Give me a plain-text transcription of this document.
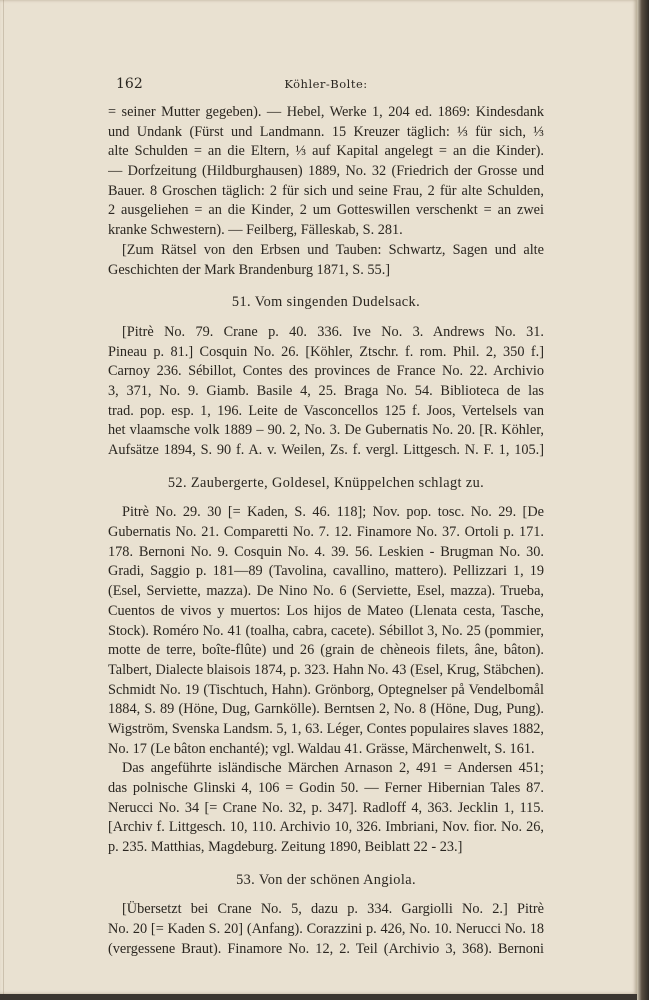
162	Köhler-Bolte:
= seiner Mutter gegeben). — Hebel, Werke 1, 204 ed. 1869: Kindesdank
und Undank (Fürst und Landmann. 15 Kreuzer täglich: ⅓ für sich, ⅓
alte Schulden = an die Eltern, ⅓ auf Kapital angelegt = an die Kinder).
— Dorfzeitung (Hildburghausen) 1889, No. 32 (Friedrich der Grosse und
Bauer. 8 Groschen täglich: 2 für sich und seine Frau, 2 für alte Schulden,
2 ausgeliehen = an die Kinder, 2 um Gotteswillen verschenkt = an zwei
kranke Schwestern). — Feilberg, Fälleskab, S. 281.
[Zum Rätsel von den Erbsen und Tauben: Schwartz, Sagen und alte
Geschichten der Mark Brandenburg 1871, S. 55.]
51. Vom singenden Dudelsack.
[Pitrè No. 79. Crane p. 40. 336. Ive No. 3. Andrews No. 31.
Pineau p. 81.] Cosquin No. 26. [Köhler, Ztschr. f. rom. Phil. 2, 350 f.]
Carnoy 236. Sébillot, Contes des provinces de France No. 22. Archivio
3, 371, No. 9. Giamb. Basile 4, 25. Braga No. 54. Biblioteca de las
trad. pop. esp. 1, 196. Leite de Vasconcellos 125 f. Joos, Vertelsels van
het vlaamsche volk 1889 – 90. 2, No. 3. De Gubernatis No. 20. [R. Köhler,
Aufsätze 1894, S. 90 f. A. v. Weilen, Zs. f. vergl. Littgesch. N. F. 1, 105.]
52. Zaubergerte, Goldesel, Knüppelchen schlagt zu.
Pitrè No. 29. 30 [= Kaden, S. 46. 118]; Nov. pop. tosc. No. 29. [De
Gubernatis No. 21. Comparetti No. 7. 12. Finamore No. 37. Ortoli p. 171.
178. Bernoni No. 9. Cosquin No. 4. 39. 56. Leskien - Brugman No. 30.
Gradi, Saggio p. 181—89 (Tavolina, cavallino, mattero). Pellizzari 1, 19
(Esel, Serviette, mazza). De Nino No. 6 (Serviette, Esel, mazza). Trueba,
Cuentos de vivos y muertos: Los hijos de Mateo (Llenata cesta, Tasche,
Stock). Roméro No. 41 (toalha, cabra, cacete). Sébillot 3, No. 25 (pommier,
motte de terre, boîte-flûte) und 26 (grain de chèneois filets, âne, bâton).
Talbert, Dialecte blaisois 1874, p. 323. Hahn No. 43 (Esel, Krug, Stäbchen).
Schmidt No. 19 (Tischtuch, Hahn). Grönborg, Optegnelser på Vendelbomål
1884, S. 89 (Höne, Dug, Garnkölle). Berntsen 2, No. 8 (Höne, Dug, Pung).
Wigström, Svenska Landsm. 5, 1, 63. Léger, Contes populaires slaves 1882,
No. 17 (Le bâton enchanté); vgl. Waldau 41. Grässe, Märchenwelt, S. 161.
Das angeführte isländische Märchen Arnason 2, 491 = Andersen 451;
das polnische Glinski 4, 106 = Godin 50. — Ferner Hibernian Tales 87.
Nerucci No. 34 [= Crane No. 32, p. 347]. Radloff 4, 363. Jecklin 1, 115.
[Archiv f. Littgesch. 10, 110. Archivio 10, 326. Imbriani, Nov. fior. No. 26,
p. 235. Matthias, Magdeburg. Zeitung 1890, Beiblatt 22 - 23.]
53. Von der schönen Angiola.
[Übersetzt bei Crane No. 5, dazu p. 334. Gargiolli No. 2.] Pitrè
No. 20 [= Kaden S. 20] (Anfang). Corazzini p. 426, No. 10. Nerucci No. 18
(vergessene Braut). Finamore No. 12, 2. Teil (Archivio 3, 368). Bernoni
